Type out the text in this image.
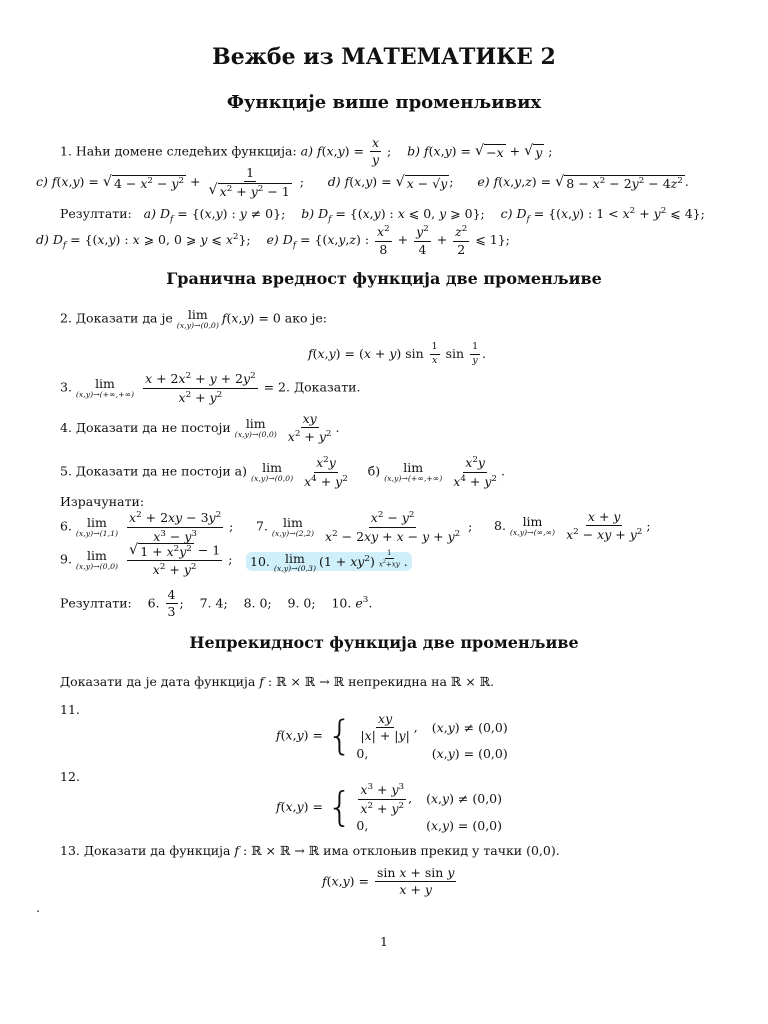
Вежбе из МАТЕМАТИКЕ 2
Функције више променљивих
1. Наћи домене следећих функција: a) $f(x,y) = \frac{x}{y}$ ;    b) f(x,y) = √ −x + √ y ;
c) f(x,y) = √ $4 - x^2 - y^2 + \frac{1}{√ x^2 + y^2 - 1}$ ;      d) f(x,y) = √ x − √y ;      e) f(x,y,z) = √ $8 - x^2 - 2y^2 - 4z^2$ .
Резултати: a) $D_f = \{(x,y)$ : y ≠ 0};    b) $D_f = \{(x,y)$ : x ⩽ 0, y ⩾ 0};    c) $D_f = \{(x,y)$ : $1 < x^2 + y^2$ ⩽ 4};
d) $D_f = \{(x,y)$ : x ⩾ 0, 0 ⩾ y ⩽ $x^2$};    e) $D_f = \{(x,y,z)$ : $\frac{x^2}{8} + \frac{y^2}{4} + \frac{z^2}{2}$ ⩽ 1};
Гранична вредност функција две променљиве
2. Доказати да је lim
(x,y)→(0,0) f(x,y) = 0 ако је:
f(x,y) = (x + y) $\sin \frac{1}{x}$ $\sin \frac{1}{y}$ .
3. lim
(x,y)→(+∞,+∞)
$\frac{x + 2x^2 + y + 2y^2}{x^2 + y^2} = 2$. Доказати.
4. Доказати да не постоји lim
(x,y)→(0,0)
$\frac{xy}{x^2 + y^2}$ .
5. Доказати да не постоји а) lim
(x,y)→(0,0)
$\frac{x^2y}{x^4 + y^2} б$) lim
(x,y)→(+∞,+∞)
$\frac{x^2y}{x^4 + y^2}$ .
Израчунати:
6. lim
(x,y)→(1,1)
$\frac{x^2 + 2xy - 3y^2}{x^3 - y^3}$ ; 7. lim
(x,y)→(2,2)
$\frac{x^2 - y^2}{x^2 - 2xy + x - y + y^2}$ ; 8. lim
(x,y)→(∞,∞)
$\frac{x + y}{x^2 - xy + y^2}$ ;
9. lim
(x,y)→(0,0)
$\frac{√ 1 + x^2y^2 - 1}{x^2 + y^2}$ ;	10. lim
(x,y)→(0,3) $(1 + xy^2)$ $^{\frac{1}{x^2+xy}}$ .
Резултати:    6. $\frac{4}{3}$ ;    7. 4;    8. 0;    9. 0;    10. $e^3$.
Непрекидност функција две променљиве
Доказати да је дата функција f : ℝ × ℝ → ℝ непрекидна на ℝ × ℝ.
11.
f(x,y) = { $\frac{xy}{|x| + |y|}$ , (x,y) ≠ (0,0)
0,	(x,y) = (0,0)
12.
f(x,y) = { $\frac{x^3 + y^3}{x^2 + y^2}$ , (x,y) ≠ (0,0)
0,	(x,y) = (0,0)
13. Доказати да функција f : ℝ × ℝ → ℝ има отклоњив прекид у тачки (0,0).
$f(x,y) = \frac{\text{sin x + sin y}}{x + y}$
.
1
